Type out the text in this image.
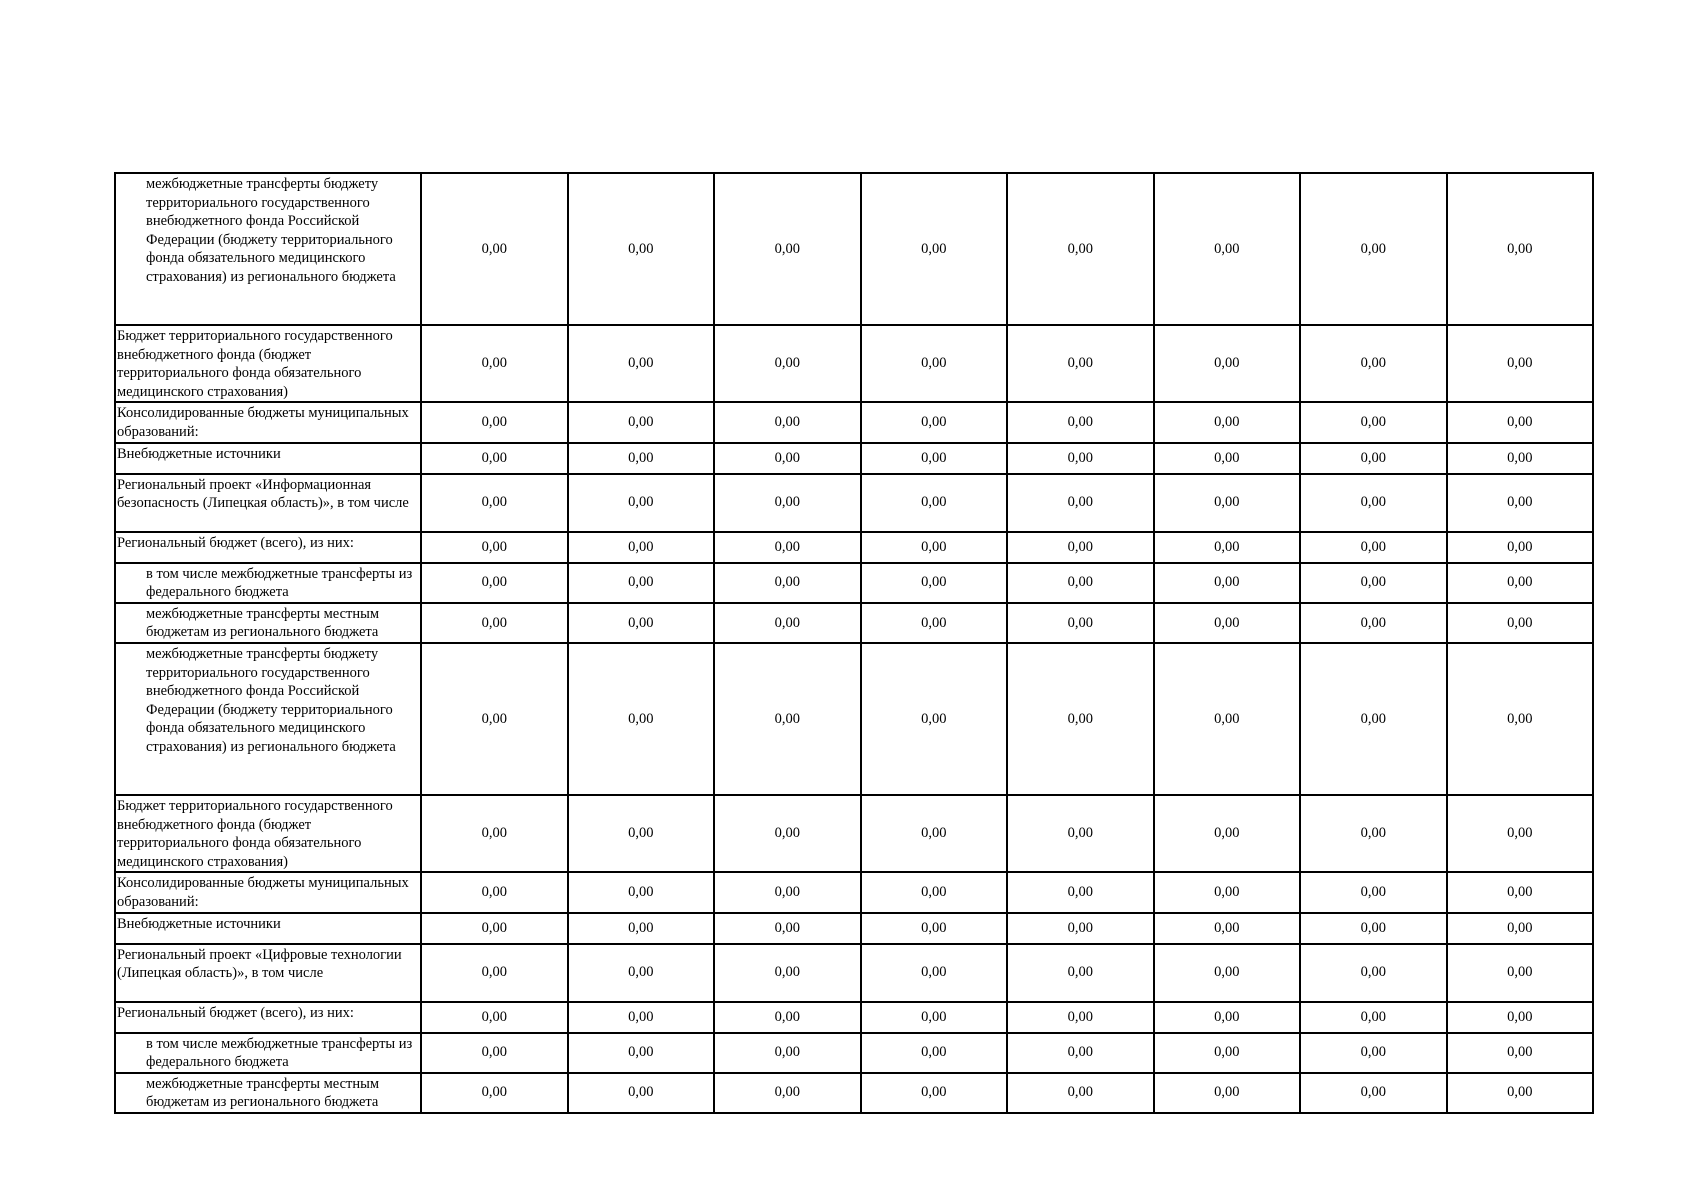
межбюджетные трансферты бюджету территориального государственного внебюджетного фонда Российской Федерации (бюджету территориального фонда обязательного медицинского страхования) из регионального бюджета	0,00	0,00	0,00	0,00	0,00	0,00	0,00	0,00
Бюджет территориального государственного внебюджетного фонда (бюджет территориального фонда обязательного медицинского страхования)	0,00	0,00	0,00	0,00	0,00	0,00	0,00	0,00
Консолидированные бюджеты муниципальных образований:	0,00	0,00	0,00	0,00	0,00	0,00	0,00	0,00
Внебюджетные источники	0,00	0,00	0,00	0,00	0,00	0,00	0,00	0,00
Региональный проект «Информационная безопасность (Липецкая область)», в том числе	0,00	0,00	0,00	0,00	0,00	0,00	0,00	0,00
Региональный бюджет (всего), из них:	0,00	0,00	0,00	0,00	0,00	0,00	0,00	0,00
в том числе межбюджетные трансферты из федерального бюджета	0,00	0,00	0,00	0,00	0,00	0,00	0,00	0,00
межбюджетные трансферты местным бюджетам из регионального бюджета	0,00	0,00	0,00	0,00	0,00	0,00	0,00	0,00
межбюджетные трансферты бюджету территориального государственного внебюджетного фонда Российской Федерации (бюджету территориального фонда обязательного медицинского страхования) из регионального бюджета	0,00	0,00	0,00	0,00	0,00	0,00	0,00	0,00
Бюджет территориального государственного внебюджетного фонда (бюджет территориального фонда обязательного медицинского страхования)	0,00	0,00	0,00	0,00	0,00	0,00	0,00	0,00
Консолидированные бюджеты муниципальных образований:	0,00	0,00	0,00	0,00	0,00	0,00	0,00	0,00
Внебюджетные источники	0,00	0,00	0,00	0,00	0,00	0,00	0,00	0,00
Региональный проект «Цифровые технологии (Липецкая область)», в том числе	0,00	0,00	0,00	0,00	0,00	0,00	0,00	0,00
Региональный бюджет (всего), из них:	0,00	0,00	0,00	0,00	0,00	0,00	0,00	0,00
в том числе межбюджетные трансферты из федерального бюджета	0,00	0,00	0,00	0,00	0,00	0,00	0,00	0,00
межбюджетные трансферты местным бюджетам из регионального бюджета	0,00	0,00	0,00	0,00	0,00	0,00	0,00	0,00
